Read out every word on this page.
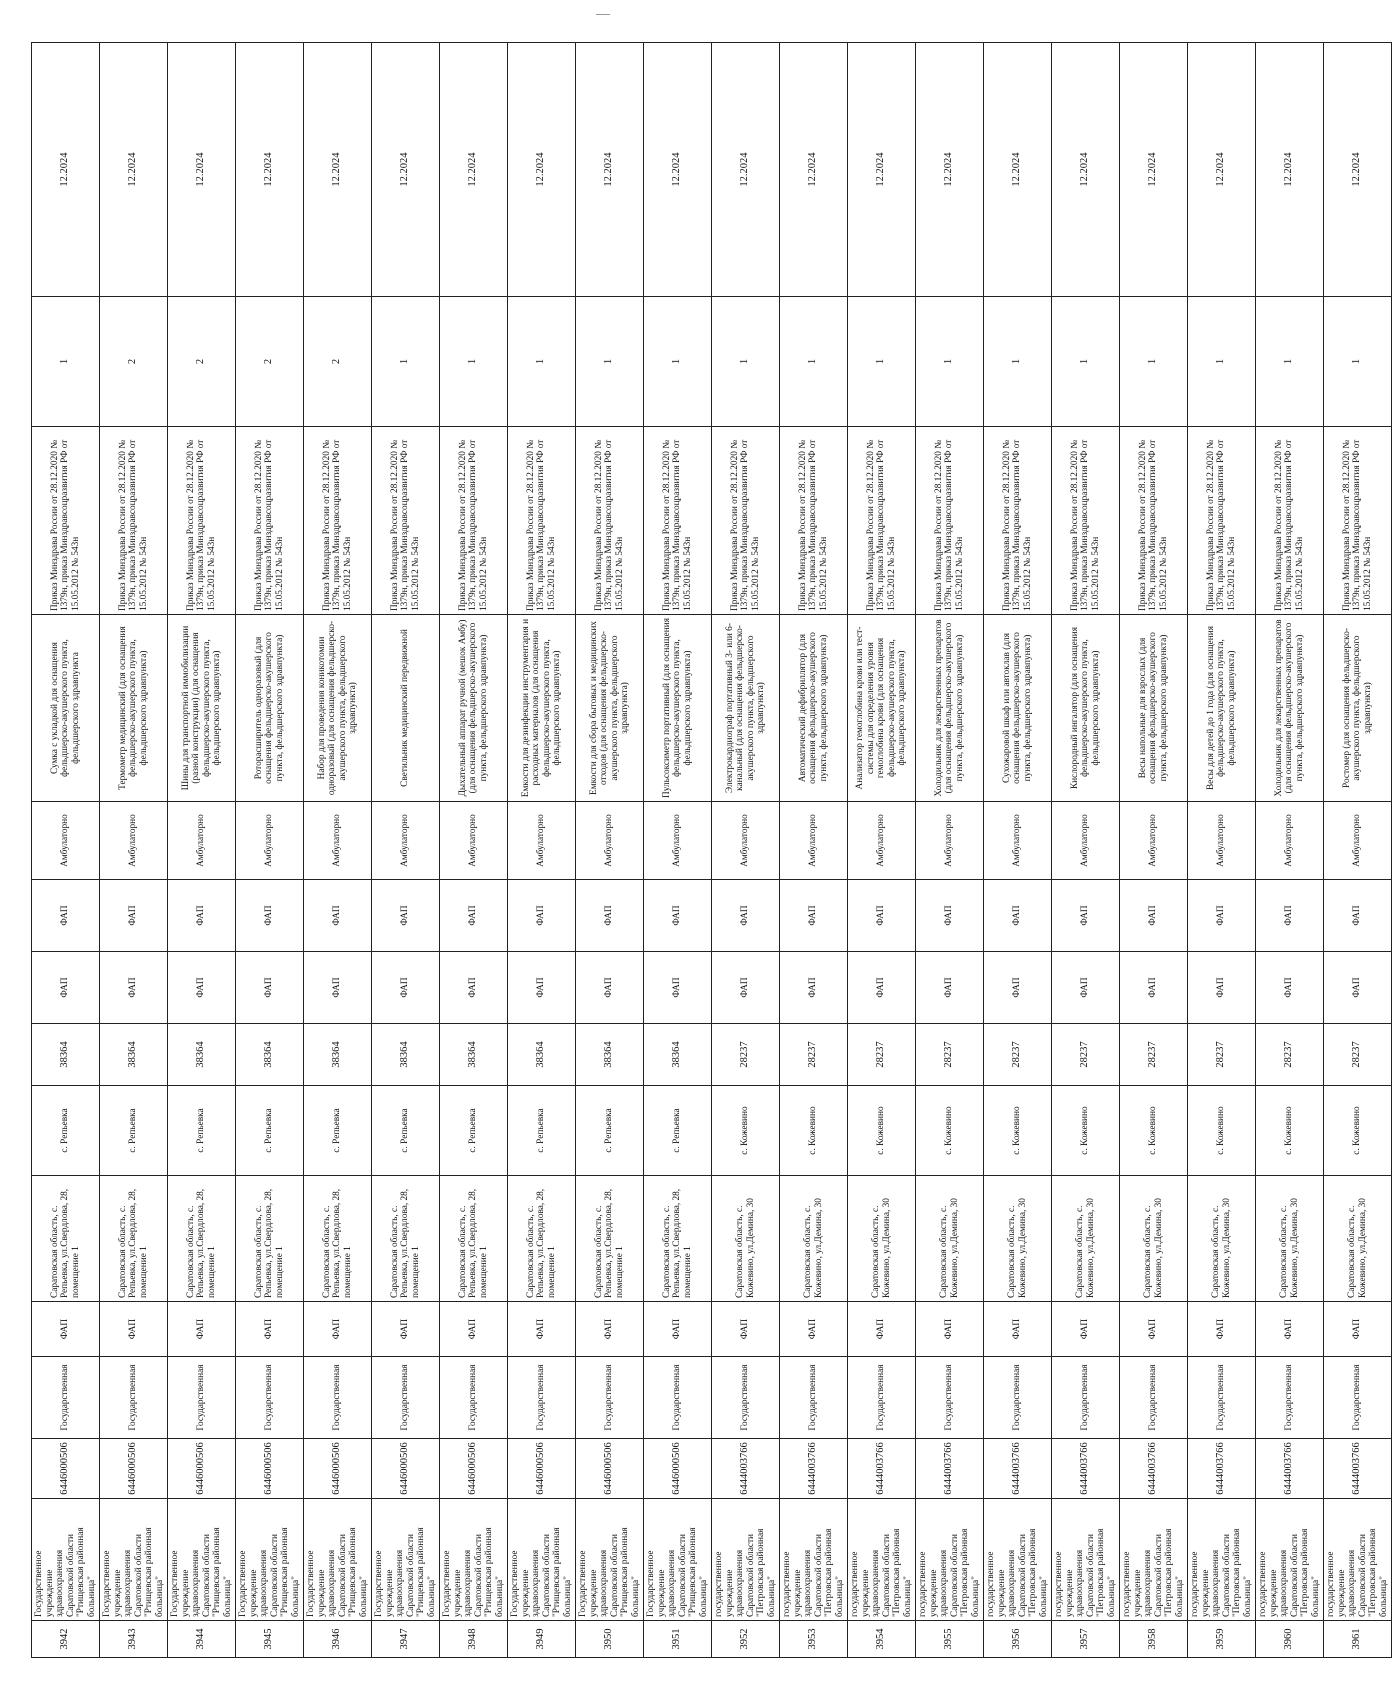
3942	Государственное учреждение здравоохранения Саратовской области "Ртищевская районная больница"	6446000506	Государственная	ФАП	Саратовская область, с. Репьевка, ул.Свердлова, 28, помещение 1	с. Репьевка	38364	ФАП	ФАП	Амбулаторно	Сумка с укладкой для оснащения фельдшерско-акушерского пункта, фельдшерского здравпункта	Приказ Минздрава России от 28.12.2020 № 1379н, приказ Минздравсоцразвития РФ от 15.05.2012 № 543н	1	12.2024
3943	Государственное учреждение здравоохранения Саратовской области "Ртищевская районная больница"	6446000506	Государственная	ФАП	Саратовская область, с. Репьевка, ул.Свердлова, 28, помещение 1	с. Репьевка	38364	ФАП	ФАП	Амбулаторно	Термометр медицинский (для оснащения фельдшерско-акушерского пункта, фельдшерского здравпункта)	Приказ Минздрава России от 28.12.2020 № 1379н, приказ Минздравсоцразвития РФ от 15.05.2012 № 543н	2	12.2024
3944	Государственное учреждение здравоохранения Саратовской области "Ртищевская районная больница"	6446000506	Государственная	ФАП	Саратовская область, с. Репьевка, ул.Свердлова, 28, помещение 1	с. Репьевка	38364	ФАП	ФАП	Амбулаторно	Шины для транспортной иммобилизации (разной конструкции) (для оснащения фельдшерско-акушерского пункта, фельдшерского здравпункта)	Приказ Минздрава России от 28.12.2020 № 1379н, приказ Минздравсоцразвития РФ от 15.05.2012 № 543н	2	12.2024
3945	Государственное учреждение здравоохранения Саратовской области "Ртищевская районная больница"	6446000506	Государственная	ФАП	Саратовская область, с. Репьевка, ул.Свердлова, 28, помещение 1	с. Репьевка	38364	ФАП	ФАП	Амбулаторно	Роторасширитель одноразовый (для оснащения фельдшерско-акушерского пункта, фельдшерского здравпункта)	Приказ Минздрава России от 28.12.2020 № 1379н, приказ Минздравсоцразвития РФ от 15.05.2012 № 543н	2	12.2024
3946	Государственное учреждение здравоохранения Саратовской области "Ртищевская районная больница"	6446000506	Государственная	ФАП	Саратовская область, с. Репьевка, ул.Свердлова, 28, помещение 1	с. Репьевка	38364	ФАП	ФАП	Амбулаторно	Набор для проведения коникотомии одноразовый (для оснащения фельдшерско-акушерского пункта, фельдшерского здравпункта)	Приказ Минздрава России от 28.12.2020 № 1379н, приказ Минздравсоцразвития РФ от 15.05.2012 № 543н	2	12.2024
3947	Государственное учреждение здравоохранения Саратовской области "Ртищевская районная больница"	6446000506	Государственная	ФАП	Саратовская область, с. Репьевка, ул.Свердлова, 28, помещение 1	с. Репьевка	38364	ФАП	ФАП	Амбулаторно	Светильник медицинский передвижной	Приказ Минздрава России от 28.12.2020 № 1379н, приказ Минздравсоцразвития РФ от 15.05.2012 № 543н	1	12.2024
3948	Государственное учреждение здравоохранения Саратовской области "Ртищевская районная больница"	6446000506	Государственная	ФАП	Саратовская область, с. Репьевка, ул.Свердлова, 28, помещение 1	с. Репьевка	38364	ФАП	ФАП	Амбулаторно	Дыхательный аппарат ручной (мешок Амбу) (для оснащения фельдшерско-акушерского пункта, фельдшерского здравпункта)	Приказ Минздрава России от 28.12.2020 № 1379н, приказ Минздравсоцразвития РФ от 15.05.2012 № 543н	1	12.2024
3949	Государственное учреждение здравоохранения Саратовской области "Ртищевская районная больница"	6446000506	Государственная	ФАП	Саратовская область, с. Репьевка, ул.Свердлова, 28, помещение 1	с. Репьевка	38364	ФАП	ФАП	Амбулаторно	Емкости для дезинфекции инструментария и расходных материалов (для оснащения фельдшерско-акушерского пункта, фельдшерского здравпункта)	Приказ Минздрава России от 28.12.2020 № 1379н, приказ Минздравсоцразвития РФ от 15.05.2012 № 543н	1	12.2024
3950	Государственное учреждение здравоохранения Саратовской области "Ртищевская районная больница"	6446000506	Государственная	ФАП	Саратовская область, с. Репьевка, ул.Свердлова, 28, помещение 1	с. Репьевка	38364	ФАП	ФАП	Амбулаторно	Емкости для сбора бытовых и медицинских отходов (для оснащения фельдшерско-акушерского пункта, фельдшерского здравпункта)	Приказ Минздрава России от 28.12.2020 № 1379н, приказ Минздравсоцразвития РФ от 15.05.2012 № 543н	1	12.2024
3951	Государственное учреждение здравоохранения Саратовской области "Ртищевская районная больница"	6446000506	Государственная	ФАП	Саратовская область, с. Репьевка, ул.Свердлова, 28, помещение 1	с. Репьевка	38364	ФАП	ФАП	Амбулаторно	Пульсоксиметр портативный (для оснащения фельдшерско-акушерского пункта, фельдшерского здравпункта)	Приказ Минздрава России от 28.12.2020 № 1379н, приказ Минздравсоцразвития РФ от 15.05.2012 № 543н	1	12.2024
3952	государственное учреждение здравоохранения Саратовской области "Петровская районная больница"	6444003766	Государственная	ФАП	Саратовская область, с. Кожевино, ул.Демина, 30	с. Кожевино	28237	ФАП	ФАП	Амбулаторно	Электрокардиограф портативный 3- или 6-канальный (для оснащения фельдшерско-акушерского пункта, фельдшерского здравпункта)	Приказ Минздрава России от 28.12.2020 № 1379н, приказ Минздравсоцразвития РФ от 15.05.2012 № 543н	1	12.2024
3953	государственное учреждение здравоохранения Саратовской области "Петровская районная больница"	6444003766	Государственная	ФАП	Саратовская область, с. Кожевино, ул.Демина, 30	с. Кожевино	28237	ФАП	ФАП	Амбулаторно	Автоматический дефибриллятор (для оснащения фельдшерско-акушерского пункта, фельдшерского здравпункта)	Приказ Минздрава России от 28.12.2020 № 1379н, приказ Минздравсоцразвития РФ от 15.05.2012 № 543н	1	12.2024
3954	государственное учреждение здравоохранения Саратовской области "Петровская районная больница"	6444003766	Государственная	ФАП	Саратовская область, с. Кожевино, ул.Демина, 30	с. Кожевино	28237	ФАП	ФАП	Амбулаторно	Анализатор гемоглобина крови или тест-системы для определения уровня гемоглобина крови (для оснащения фельдшерско-акушерского пункта, фельдшерского здравпункта)	Приказ Минздрава России от 28.12.2020 № 1379н, приказ Минздравсоцразвития РФ от 15.05.2012 № 543н	1	12.2024
3955	государственное учреждение здравоохранения Саратовской области "Петровская районная больница"	6444003766	Государственная	ФАП	Саратовская область, с. Кожевино, ул.Демина, 30	с. Кожевино	28237	ФАП	ФАП	Амбулаторно	Холодильник для лекарственных препаратов (для оснащения фельдшерско-акушерского пункта, фельдшерского здравпункта)	Приказ Минздрава России от 28.12.2020 № 1379н, приказ Минздравсоцразвития РФ от 15.05.2012 № 543н	1	12.2024
3956	государственное учреждение здравоохранения Саратовской области "Петровская районная больница"	6444003766	Государственная	ФАП	Саратовская область, с. Кожевино, ул.Демина, 30	с. Кожевино	28237	ФАП	ФАП	Амбулаторно	Сухожаровой шкаф или автоклав (для оснащения фельдшерско-акушерского пункта, фельдшерского здравпункта)	Приказ Минздрава России от 28.12.2020 № 1379н, приказ Минздравсоцразвития РФ от 15.05.2012 № 543н	1	12.2024
3957	государственное учреждение здравоохранения Саратовской области "Петровская районная больница"	6444003766	Государственная	ФАП	Саратовская область, с. Кожевино, ул.Демина, 30	с. Кожевино	28237	ФАП	ФАП	Амбулаторно	Кислородный ингалятор (для оснащения фельдшерско-акушерского пункта, фельдшерского здравпункта)	Приказ Минздрава России от 28.12.2020 № 1379н, приказ Минздравсоцразвития РФ от 15.05.2012 № 543н	1	12.2024
3958	государственное учреждение здравоохранения Саратовской области "Петровская районная больница"	6444003766	Государственная	ФАП	Саратовская область, с. Кожевино, ул.Демина, 30	с. Кожевино	28237	ФАП	ФАП	Амбулаторно	Весы напольные для взрослых (для оснащения фельдшерско-акушерского пункта, фельдшерского здравпункта)	Приказ Минздрава России от 28.12.2020 № 1379н, приказ Минздравсоцразвития РФ от 15.05.2012 № 543н	1	12.2024
3959	государственное учреждение здравоохранения Саратовской области "Петровская районная больница"	6444003766	Государственная	ФАП	Саратовская область, с. Кожевино, ул.Демина, 30	с. Кожевино	28237	ФАП	ФАП	Амбулаторно	Весы для детей до 1 года (для оснащения фельдшерско-акушерского пункта, фельдшерского здравпункта)	Приказ Минздрава России от 28.12.2020 № 1379н, приказ Минздравсоцразвития РФ от 15.05.2012 № 543н	1	12.2024
3960	государственное учреждение здравоохранения Саратовской области "Петровская районная больница"	6444003766	Государственная	ФАП	Саратовская область, с. Кожевино, ул.Демина, 30	с. Кожевино	28237	ФАП	ФАП	Амбулаторно	Холодильник для лекарственных препаратов (для оснащения фельдшерско-акушерского пункта, фельдшерского здравпункта)	Приказ Минздрава России от 28.12.2020 № 1379н, приказ Минздравсоцразвития РФ от 15.05.2012 № 543н	1	12.2024
3961	государственное учреждение здравоохранения Саратовской области "Петровская районная больница"	6444003766	Государственная	ФАП	Саратовская область, с. Кожевино, ул.Демина, 30	с. Кожевино	28237	ФАП	ФАП	Амбулаторно	Ростомер (для оснащения фельдшерско-акушерского пункта, фельдшерского здравпункта)	Приказ Минздрава России от 28.12.2020 № 1379н, приказ Минздравсоцразвития РФ от 15.05.2012 № 543н	1	12.2024
